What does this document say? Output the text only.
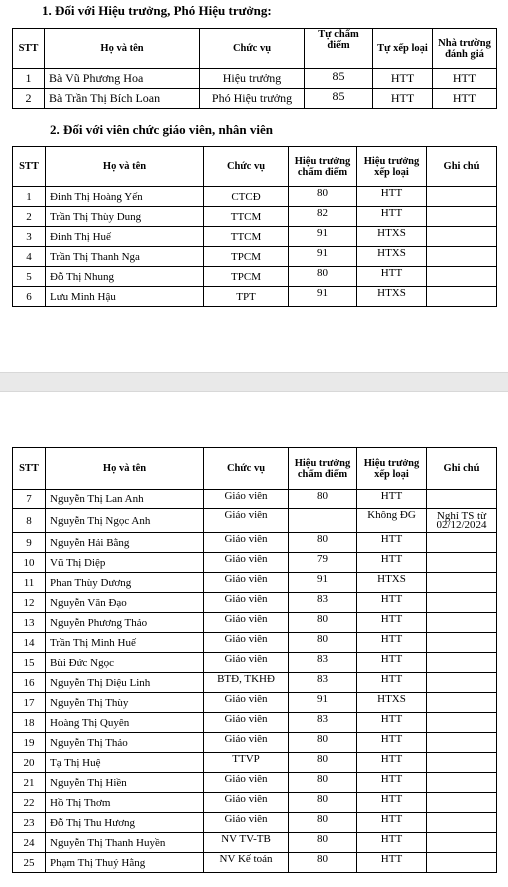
1. Đối với Hiệu trưởng, Phó Hiệu trưởng:
STT	Họ và tên	Chức vụ	Tự chấm điểm	Tự xếp loại	Nhà trường đánh giá
1	Bà Vũ Phương Hoa	Hiệu trưởng	85	HTT	HTT
2	Bà Trần Thị Bích Loan	Phó Hiệu trưởng	85	HTT	HTT
2. Đối với viên chức giáo viên, nhân viên
STT	Họ và tên	Chức vụ	Hiệu trưởng chấm điểm	Hiệu trưởng xếp loại	Ghi chú
1	Đinh Thị Hoàng Yến	CTCĐ	80	HTT	
2	Trần Thị Thùy Dung	TTCM	82	HTT	
3	Đinh Thị Huế	TTCM	91	HTXS	
4	Trần Thị Thanh Nga	TPCM	91	HTXS	
5	Đỗ Thị Nhung	TPCM	80	HTT	
6	Lưu Minh Hậu	TPT	91	HTXS	
STT	Họ và tên	Chức vụ	Hiệu trưởng chấm điểm	Hiệu trưởng xếp loại	Ghi chú
7	Nguyễn Thị Lan Anh	Giáo viên	80	HTT	
8	Nguyễn Thị Ngọc Anh	Giáo viên		Không ĐG	Nghỉ TS từ 02/12/2024
9	Nguyễn Hải Bằng	Giáo viên	80	HTT	
10	Vũ Thị Diệp	Giáo viên	79	HTT	
11	Phan Thùy Dương	Giáo viên	91	HTXS	
12	Nguyễn Văn Đạo	Giáo viên	83	HTT	
13	Nguyễn Phương Thảo	Giáo viên	80	HTT	
14	Trần Thị Minh Huế	Giáo viên	80	HTT	
15	Bùi Đức Ngọc	Giáo viên	83	HTT	
16	Nguyễn Thị Diệu Linh	BTĐ, TKHĐ	83	HTT	
17	Nguyễn Thị Thùy	Giáo viên	91	HTXS	
18	Hoàng Thị Quyên	Giáo viên	83	HTT	
19	Nguyễn Thị Thảo	Giáo viên	80	HTT	
20	Tạ Thị Huệ	TTVP	80	HTT	
21	Nguyễn Thị Hiền	Giáo viên	80	HTT	
22	Hồ Thị Thơm	Giáo viên	80	HTT	
23	Đỗ Thị Thu Hương	Giáo viên	80	HTT	
24	Nguyễn Thị Thanh Huyền	NV TV-TB	80	HTT	
25	Phạm Thị Thuý Hằng	NV Kế toán	80	HTT	
